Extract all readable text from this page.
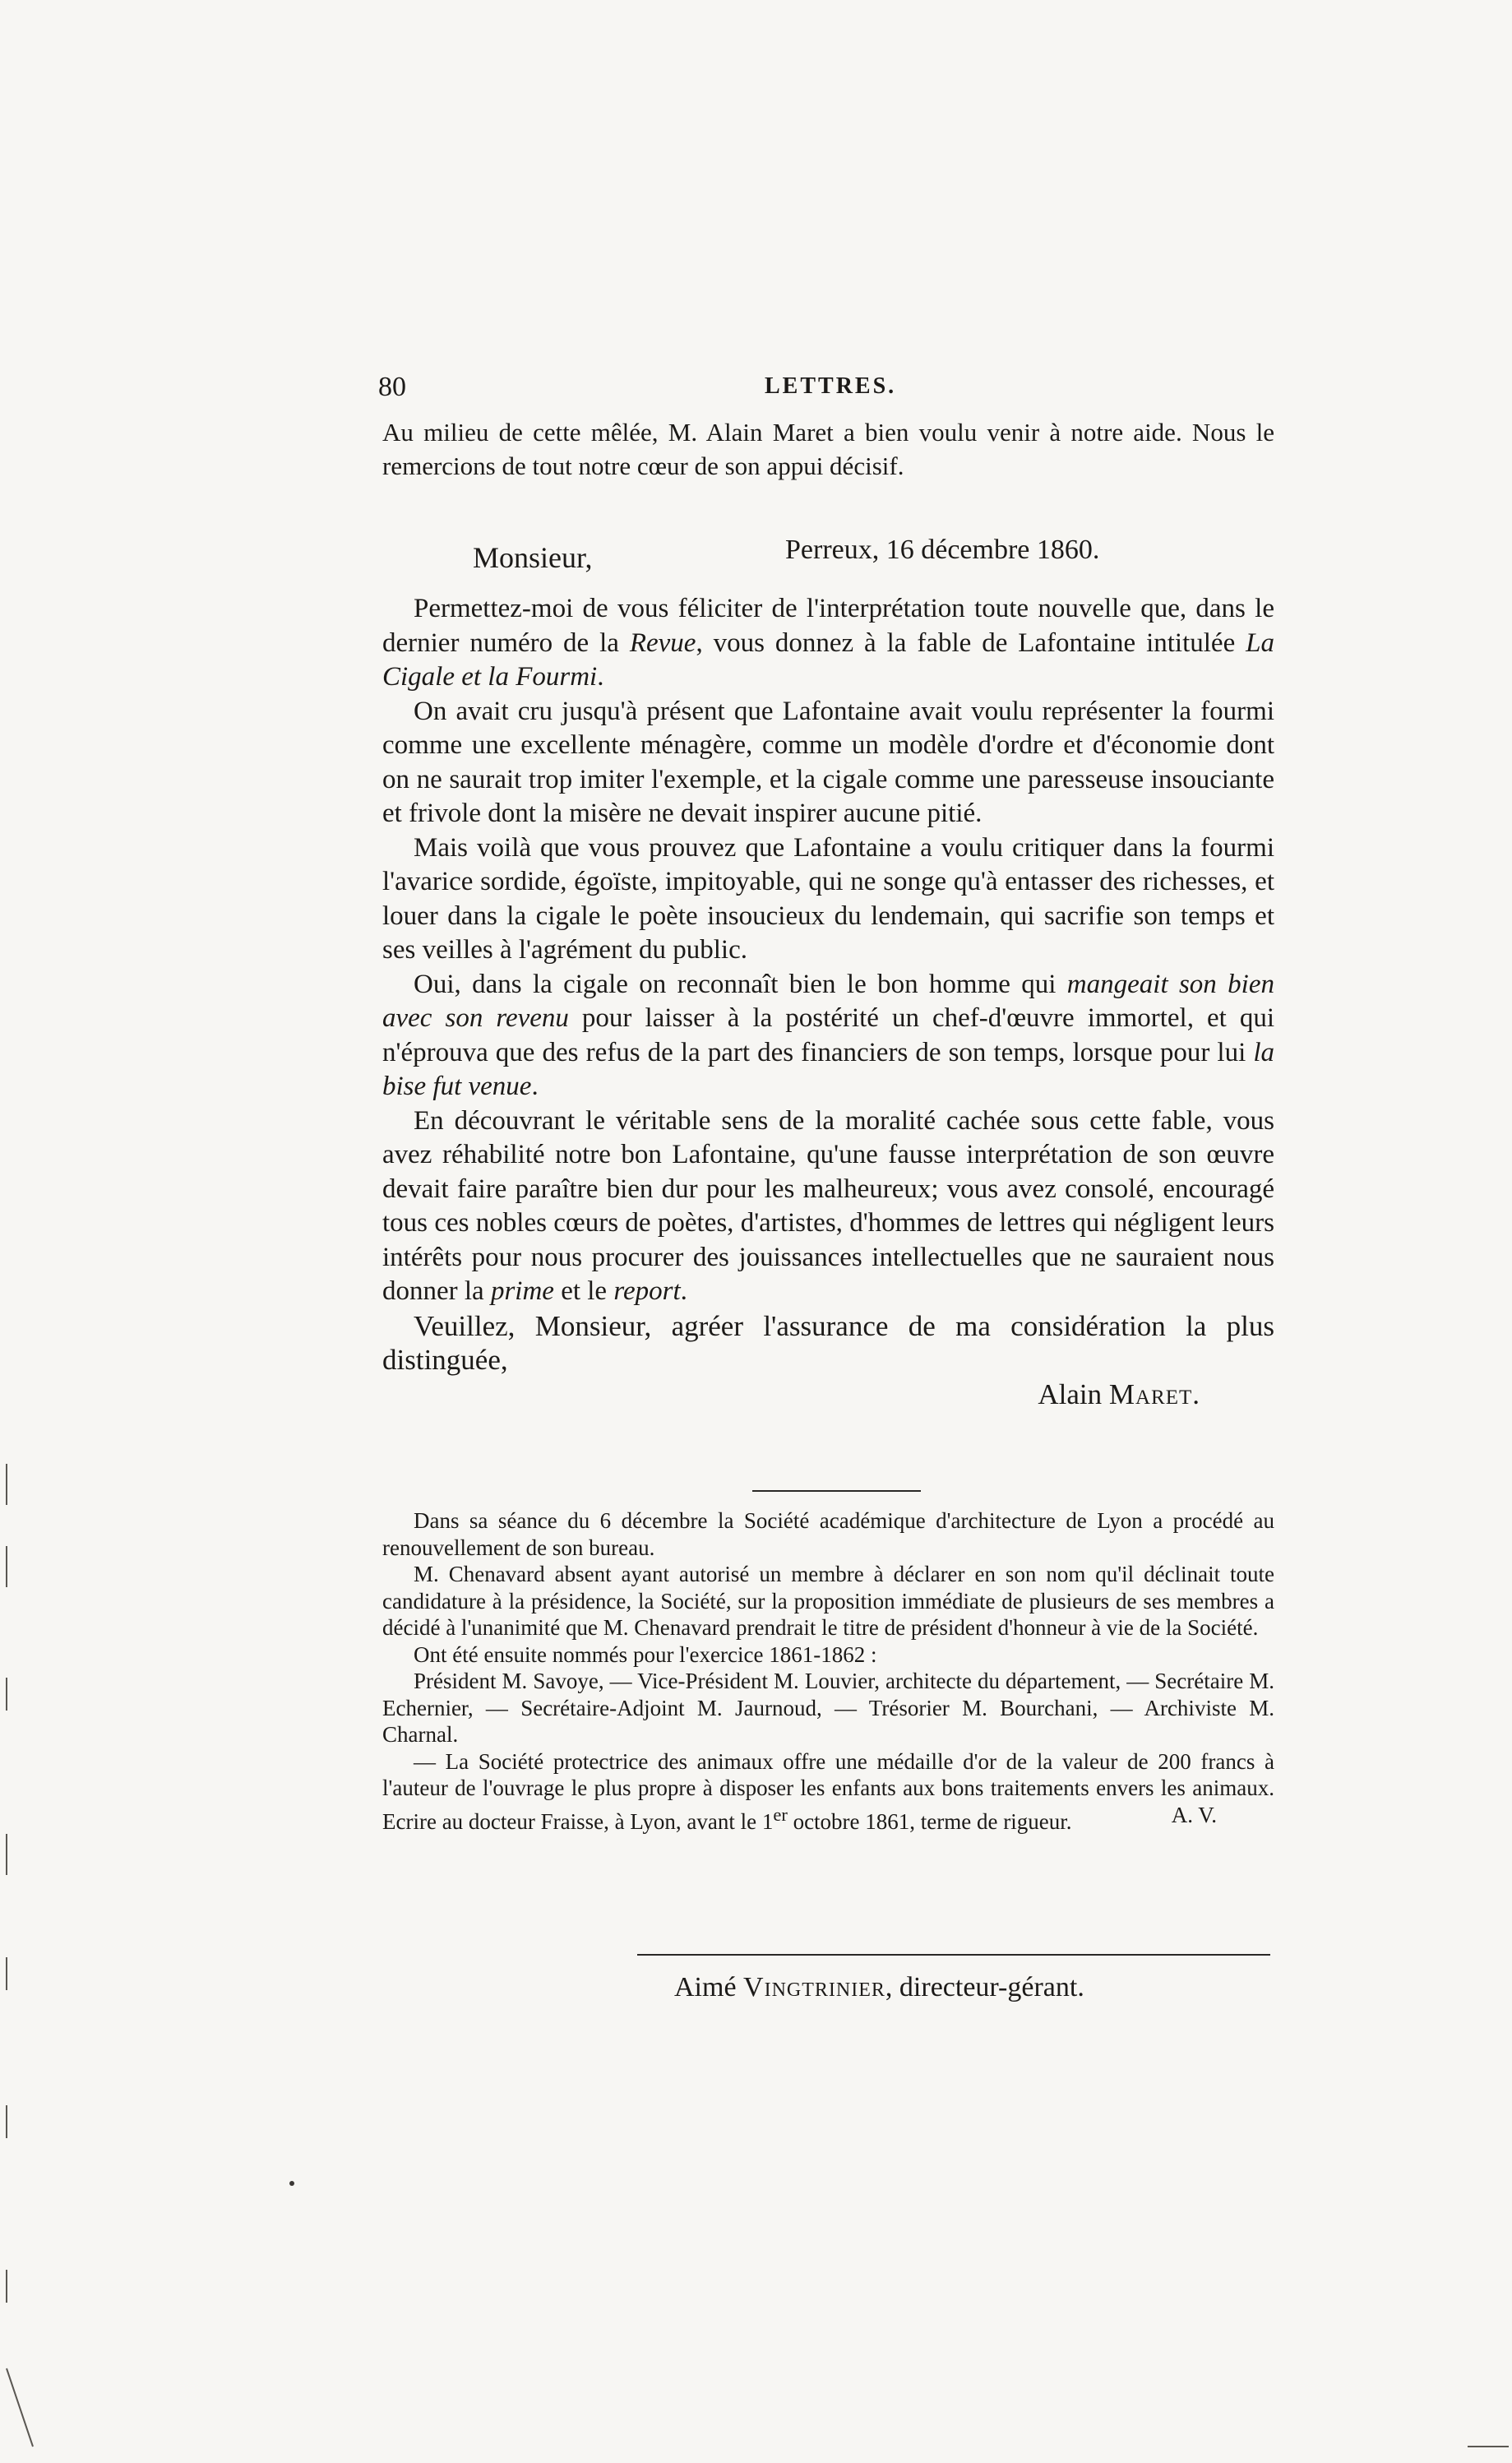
80	LETTRES.
Au milieu de cette mêlée, M. Alain Maret a bien voulu venir à notre aide. Nous le remercions de tout notre cœur de son appui décisif.
Monsieur,	Perreux, 16 décembre 1860.

Permettez-moi de vous féliciter de l'interprétation toute nouvelle que, dans le dernier numéro de la Revue, vous donnez à la fable de Lafontaine intitulée La Cigale et la Fourmi.

On avait cru jusqu'à présent que Lafontaine avait voulu représenter la fourmi comme une excellente ménagère, comme un modèle d'ordre et d'économie dont on ne saurait trop imiter l'exemple, et la cigale comme une paresseuse insouciante et frivole dont la misère ne devait inspirer aucune pitié.

Mais voilà que vous prouvez que Lafontaine a voulu critiquer dans la fourmi l'avarice sordide, égoïste, impitoyable, qui ne songe qu'à entasser des richesses, et louer dans la cigale le poète insoucieux du lendemain, qui sacrifie son temps et ses veilles à l'agrément du public.

Oui, dans la cigale on reconnaît bien le bon homme qui mangeait son bien avec son revenu pour laisser à la postérité un chef-d'œuvre immortel, et qui n'éprouva que des refus de la part des financiers de son temps, lorsque pour lui la bise fut venue.

En découvrant le véritable sens de la moralité cachée sous cette fable, vous avez réhabilité notre bon Lafontaine, qu'une fausse interprétation de son œuvre devait faire paraître bien dur pour les malheureux; vous avez consolé, encouragé tous ces nobles cœurs de poètes, d'artistes, d'hommes de lettres qui négligent leurs intérêts pour nous procurer des jouissances intellectuelles que ne sauraient nous donner la prime et le report.

Veuillez, Monsieur, agréer l'assurance de ma considération la plus distinguée,
Alain Maret.

Dans sa séance du 6 décembre la Société académique d'architecture de Lyon a procédé au renouvellement de son bureau.

M. Chenavard absent ayant autorisé un membre à déclarer en son nom qu'il déclinait toute candidature à la présidence, la Société, sur la proposition immédiate de plusieurs de ses membres a décidé à l'unanimité que M. Chenavard prendrait le titre de président d'honneur à vie de la Société.

Ont été ensuite nommés pour l'exercice 1861-1862 :

Président M. Savoye, — Vice-Président M. Louvier, architecte du département, — Secrétaire M. Echernier, — Secrétaire-Adjoint M. Jaurnoud, — Trésorier M. Bourchani, — Archiviste M. Charnal.

— La Société protectrice des animaux offre une médaille d'or de la valeur de 200 francs à l'auteur de l'ouvrage le plus propre à disposer les enfants aux bons traitements envers les animaux. Ecrire au docteur Fraisse, à Lyon, avant le 1er octobre 1861, terme de rigueur.	A. V.

Aimé Vingtrinier, directeur-gérant.
